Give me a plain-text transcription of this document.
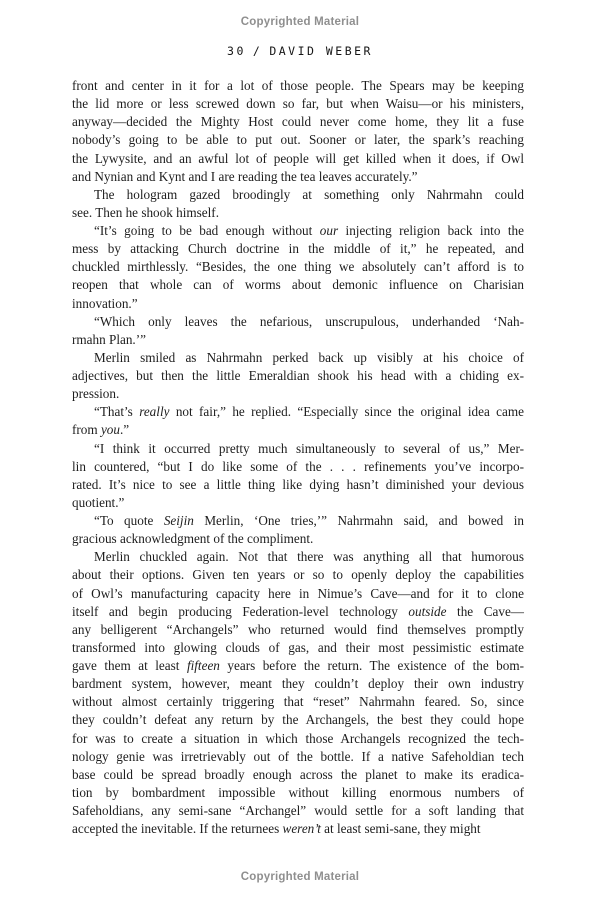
Copyrighted Material
30 / DAVID WEBER
front and center in it for a lot of those people. The Spears may be keeping
the lid more or less screwed down so far, but when Waisu—or his ministers,
anyway—decided the Mighty Host could never come home, they lit a fuse
nobody’s going to be able to put out. Sooner or later, the spark’s reaching
the Lywysite, and an awful lot of people will get killed when it does, if Owl
and Nynian and Kynt and I are reading the tea leaves accurately.”
The hologram gazed broodingly at something only Nahrmahn could
see. Then he shook himself.
“It’s going to be bad enough without our injecting religion back into the
mess by attacking Church doctrine in the middle of it,” he repeated, and
chuckled mirthlessly. “Besides, the one thing we absolutely can’t afford is to
reopen that whole can of worms about demonic influence on Charisian
innovation.”
“Which only leaves the nefarious, unscrupulous, underhanded ‘Nah-
rmahn Plan.’”
Merlin smiled as Nahrmahn perked back up visibly at his choice of
adjectives, but then the little Emeraldian shook his head with a chiding ex-
pression.
“That’s really not fair,” he replied. “Especially since the original idea came
from you.”
“I think it occurred pretty much simultaneously to several of us,” Mer-
lin countered, “but I do like some of the . . . refinements you’ve incorpo-
rated. It’s nice to see a little thing like dying hasn’t diminished your devious
quotient.”
“To quote Seijin Merlin, ‘One tries,’” Nahrmahn said, and bowed in
gracious acknowledgment of the compliment.
Merlin chuckled again. Not that there was anything all that humorous
about their options. Given ten years or so to openly deploy the capabilities
of Owl’s manufacturing capacity here in Nimue’s Cave—and for it to clone
itself and begin producing Federation-level technology outside the Cave—
any belligerent “Archangels” who returned would find themselves promptly
transformed into glowing clouds of gas, and their most pessimistic estimate
gave them at least fifteen years before the return. The existence of the bom-
bardment system, however, meant they couldn’t deploy their own industry
without almost certainly triggering that “reset” Nahrmahn feared. So, since
they couldn’t defeat any return by the Archangels, the best they could hope
for was to create a situation in which those Archangels recognized the tech-
nology genie was irretrievably out of the bottle. If a native Safeholdian tech
base could be spread broadly enough across the planet to make its eradica-
tion by bombardment impossible without killing enormous numbers of
Safeholdians, any semi-sane “Archangel” would settle for a soft landing that
accepted the inevitable. If the returnees weren’t at least semi-sane, they might
Copyrighted Material
